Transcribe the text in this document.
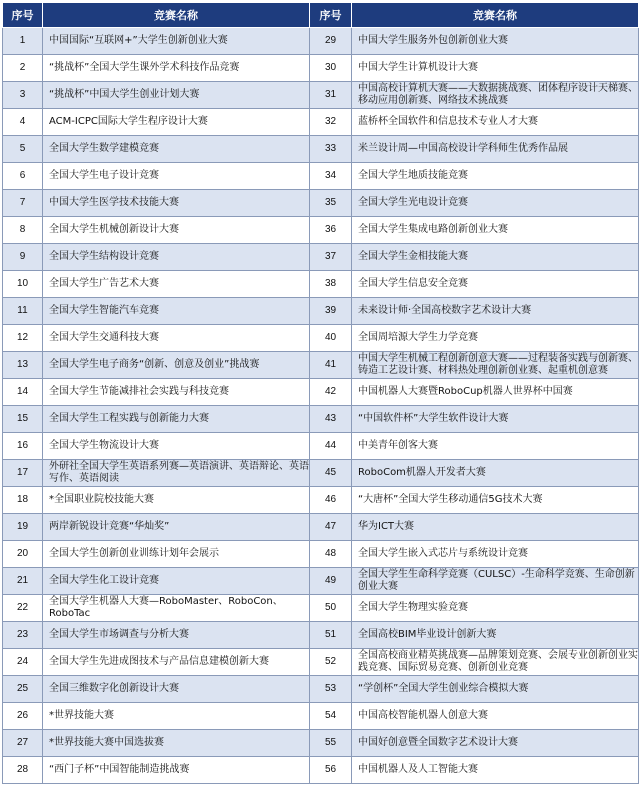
序号	竞赛名称	序号	竞赛名称
1	中国国际“互联网+”大学生创新创业大赛	29	中国大学生服务外包创新创业大赛
2	“挑战杯”全国大学生课外学术科技作品竞赛	30	中国大学生计算机设计大赛
3	“挑战杯”中国大学生创业计划大赛	31	中国高校计算机大赛——大数据挑战赛、团体程序设计天梯赛、移动应用创新赛、网络技术挑战赛
4	ACM-ICPC国际大学生程序设计大赛	32	蓝桥杯全国软件和信息技术专业人才大赛
5	全国大学生数学建模竞赛	33	米兰设计周—中国高校设计学科师生优秀作品展
6	全国大学生电子设计竞赛	34	全国大学生地质技能竞赛
7	中国大学生医学技术技能大赛	35	全国大学生光电设计竞赛
8	全国大学生机械创新设计大赛	36	全国大学生集成电路创新创业大赛
9	全国大学生结构设计竞赛	37	全国大学生金相技能大赛
10	全国大学生广告艺术大赛	38	全国大学生信息安全竞赛
11	全国大学生智能汽车竞赛	39	未来设计师·全国高校数字艺术设计大赛
12	全国大学生交通科技大赛	40	全国周培源大学生力学竞赛
13	全国大学生电子商务“创新、创意及创业”挑战赛	41	中国大学生机械工程创新创意大赛——过程装备实践与创新赛、铸造工艺设计赛、材料热处理创新创业赛、起重机创意赛
14	全国大学生节能减排社会实践与科技竞赛	42	中国机器人大赛暨RoboCup机器人世界杯中国赛
15	全国大学生工程实践与创新能力大赛	43	“中国软件杯”大学生软件设计大赛
16	全国大学生物流设计大赛	44	中美青年创客大赛
17	外研社全国大学生英语系列赛—英语演讲、英语辩论、英语写作、英语阅读	45	RoboCom机器人开发者大赛
18	*全国职业院校技能大赛	46	“大唐杯”全国大学生移动通信5G技术大赛
19	两岸新锐设计竞赛“华灿奖”	47	华为ICT大赛
20	全国大学生创新创业训练计划年会展示	48	全国大学生嵌入式芯片与系统设计竞赛
21	全国大学生化工设计竞赛	49	全国大学生生命科学竞赛（CULSC）-生命科学竞赛、生命创新创业大赛
22	全国大学生机器人大赛—RoboMaster、RoboCon、RoboTac	50	全国大学生物理实验竞赛
23	全国大学生市场调查与分析大赛	51	全国高校BIM毕业设计创新大赛
24	全国大学生先进成图技术与产品信息建模创新大赛	52	全国高校商业精英挑战赛—品牌策划竞赛、会展专业创新创业实践竞赛、国际贸易竞赛、创新创业竞赛
25	全国三维数字化创新设计大赛	53	“学创杯”全国大学生创业综合模拟大赛
26	*世界技能大赛	54	中国高校智能机器人创意大赛
27	*世界技能大赛中国选拔赛	55	中国好创意暨全国数字艺术设计大赛
28	“西门子杯”中国智能制造挑战赛	56	中国机器人及人工智能大赛
